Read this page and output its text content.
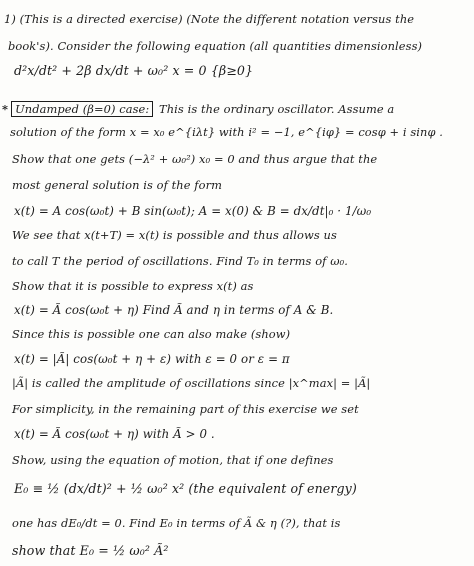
1) (This is a directed exercise) (Note the different notation versus the
book's). Consider the following equation (all quantities dimensionless)
d²x/dt² + 2β dx/dt + ω₀² x = 0 {β≥0}
* Undamped (β=0) case: This is the ordinary oscillator. Assume a
solution of the form x = x₀ e^{iλt} with i² = −1, e^{iφ} = cosφ + i sinφ .
Show that one gets (−λ² + ω₀²) x₀ = 0 and thus argue that the
most general solution is of the form
x(t) = A cos(ω₀t) + B sin(ω₀t); A = x(0) & B = dx/dt|₀ · 1/ω₀
We see that x(t+T) = x(t) is possible and thus allows us
to call T the period of oscillations. Find T₀ in terms of ω₀.
Show that it is possible to express x(t) as
x(t) = Ã cos(ω₀t + η) Find Ã and η in terms of A & B.
Since this is possible one can also make (show)
x(t) = |Ã| cos(ω₀t + η + ε) with ε = 0 or ε = π
|Ã| is called the amplitude of oscillations since |x^max| = |Ã|
For simplicity, in the remaining part of this exercise we set
x(t) = Ã cos(ω₀t + η) with Ã > 0 .
Show, using the equation of motion, that if one defines
E₀ ≡ ½ (dx/dt)² + ½ ω₀² x² (the equivalent of energy)
one has dE₀/dt = 0. Find E₀ in terms of Ã & η (?), that is
show that E₀ = ½ ω₀² Ã²
